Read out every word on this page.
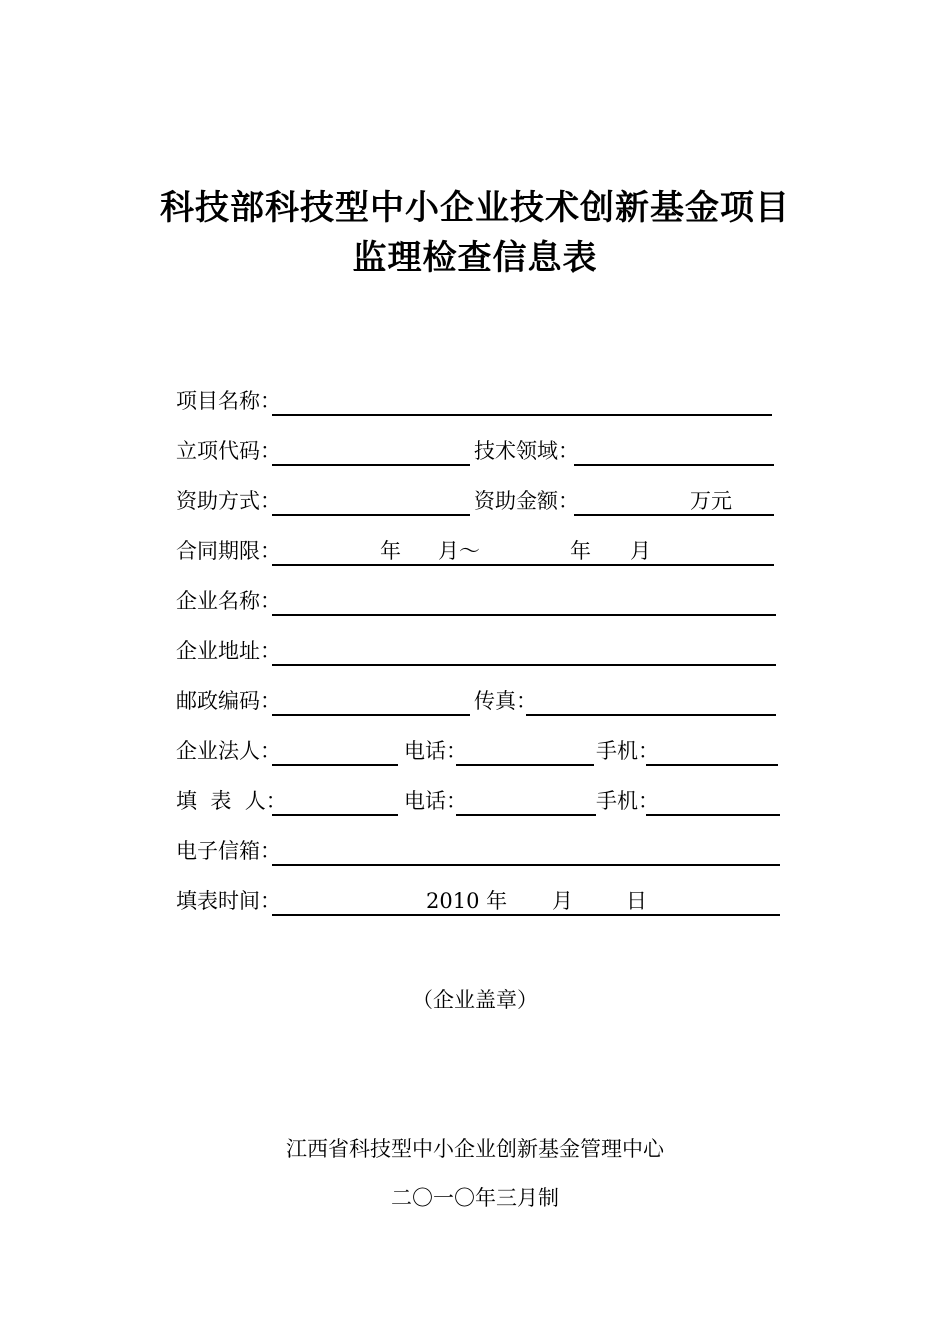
科技部科技型中小企业技术创新基金项目
监理检查信息表
项目名称：
立项代码：	技术领域：
资助方式：	资助金额：	万元
合同期限：	年 月～	年 月
企业名称：
企业地址：
邮政编码：	传真：
企业法人：	电话：	手机：
填  表  人：	电话：	手机：
电子信箱：
填表时间：	2010 年 月	日
（企业盖章）
江西省科技型中小企业创新基金管理中心
二〇一〇年三月制
